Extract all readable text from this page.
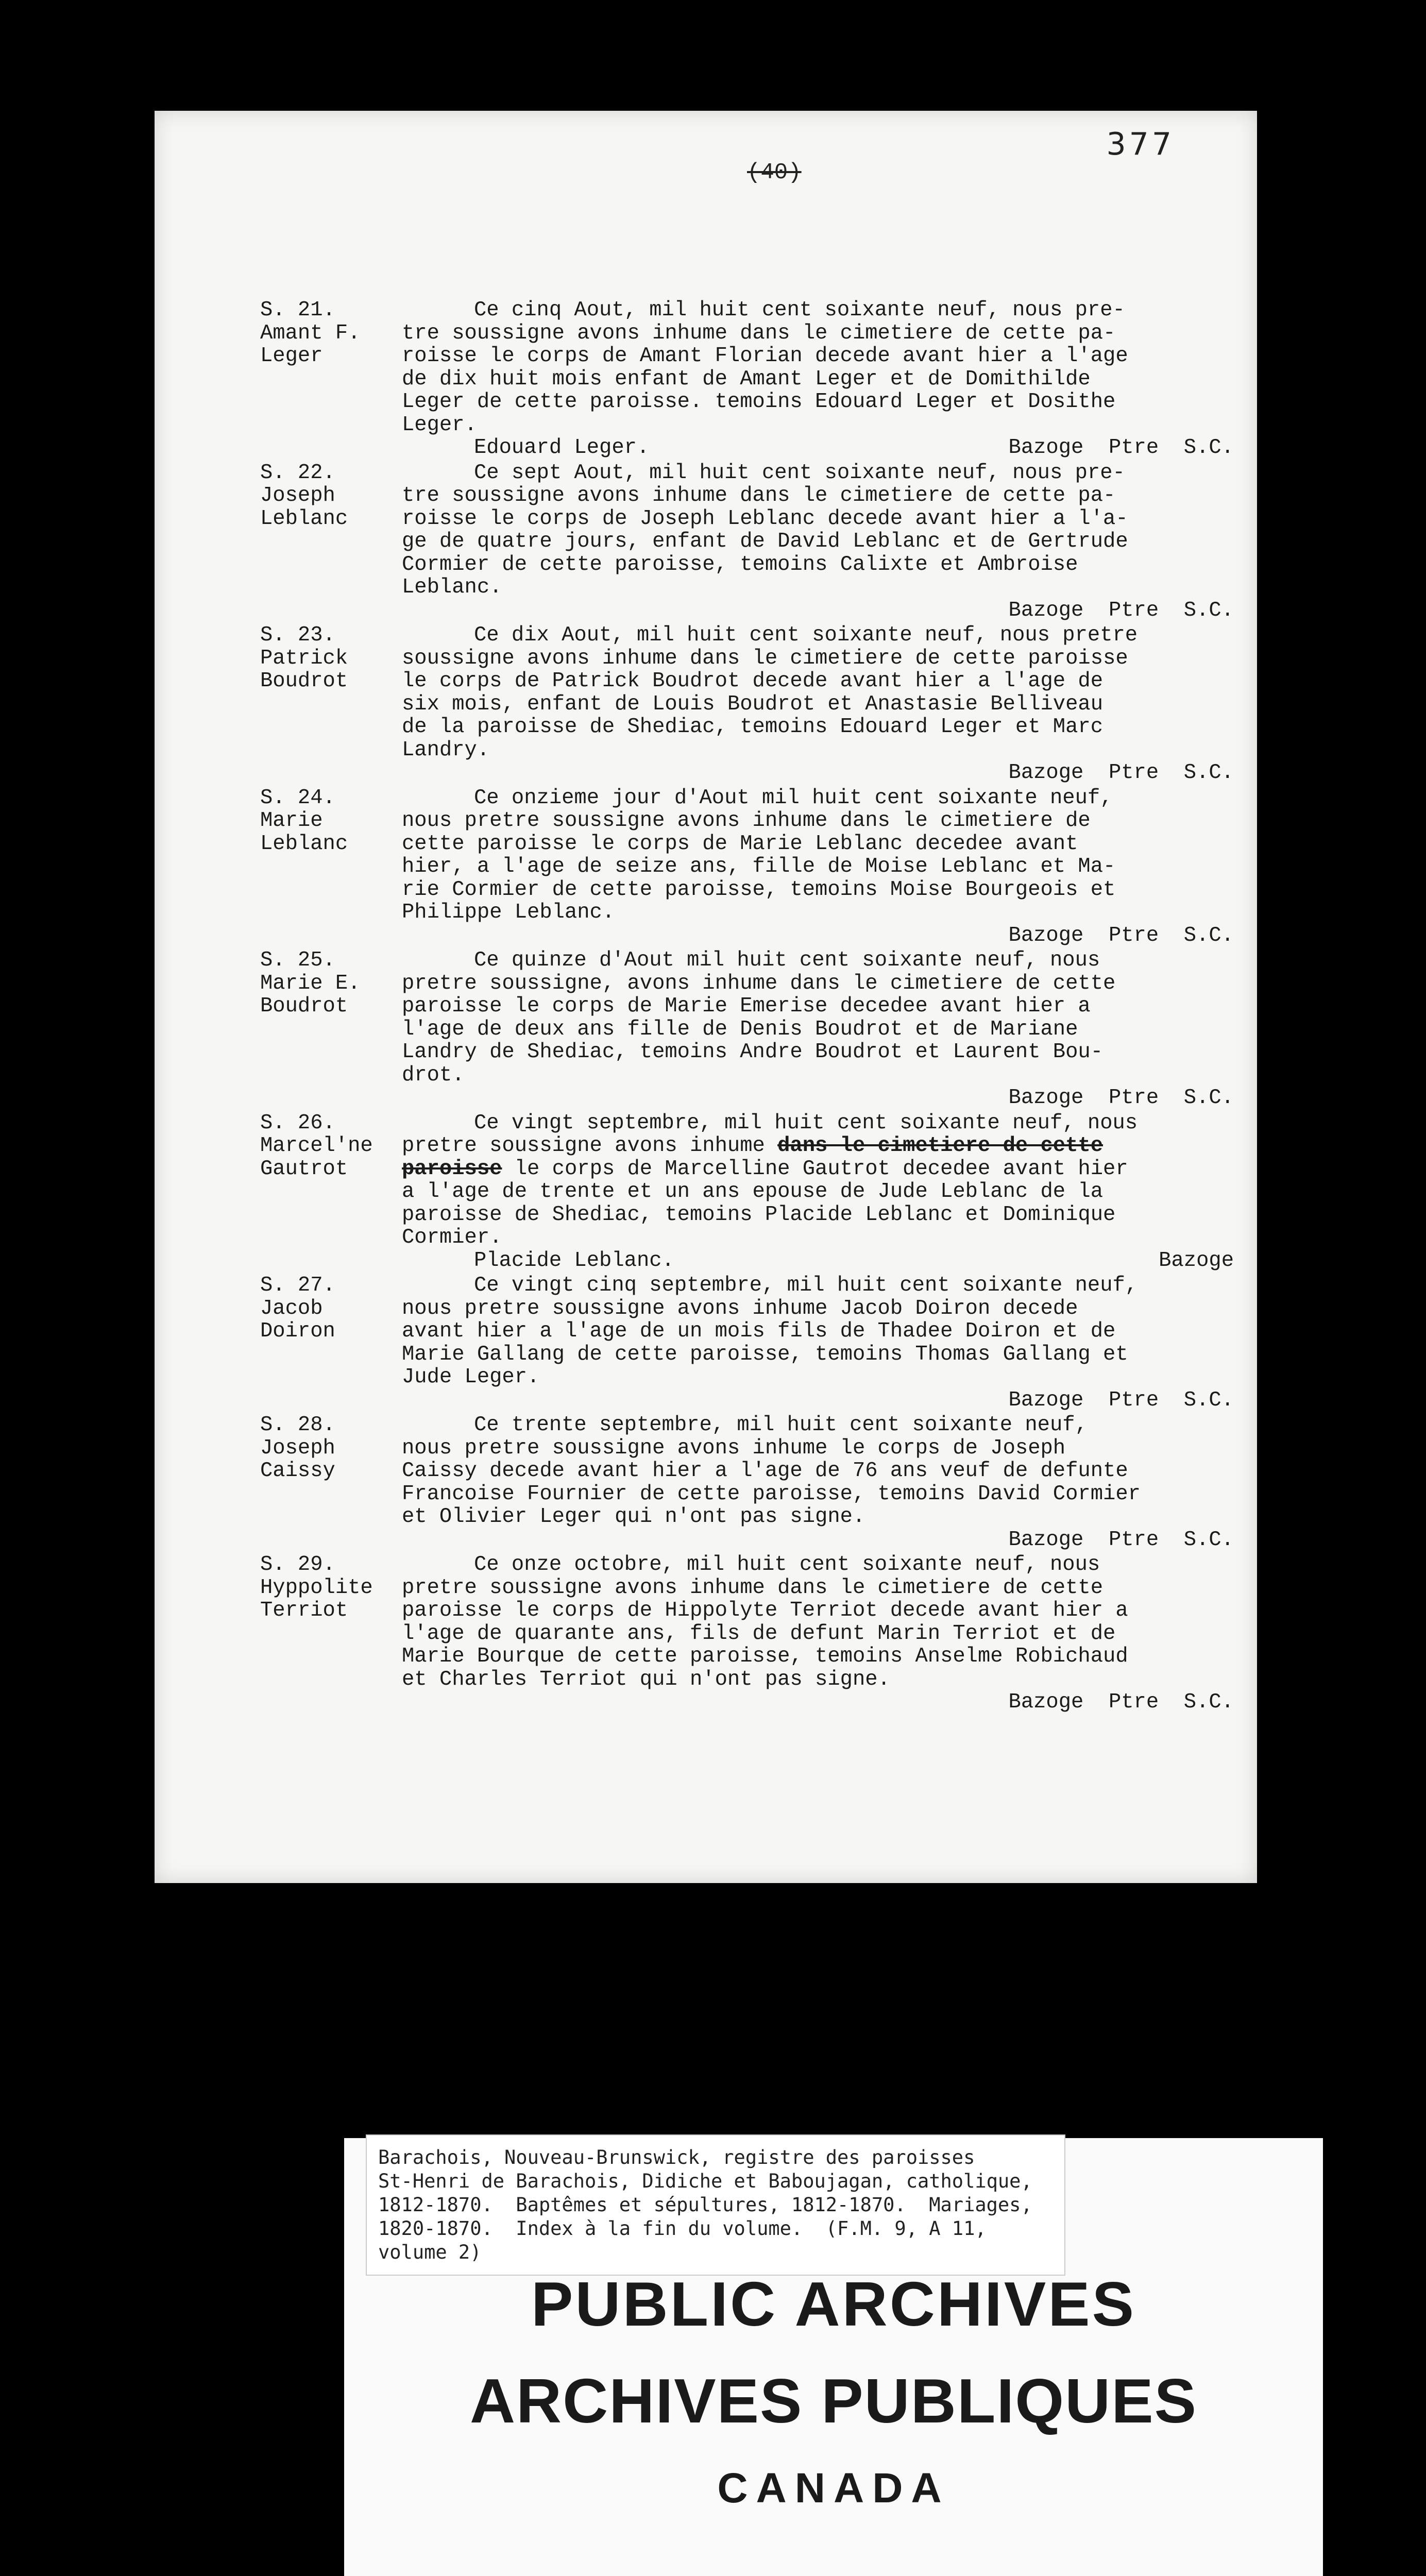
377
(40)
S. 21.
Amant F.
Leger
Ce cinq Aout, mil huit cent soixante neuf, nous pre-
tre soussigne avons inhume dans le cimetiere de cette pa-
roisse le corps de Amant Florian decede avant hier a l'age
de dix huit mois enfant de Amant Leger et de Domithilde
Leger de cette paroisse. temoins Edouard Leger et Dosithe
Leger.
Edouard Leger.	Bazoge  Ptre  S.C.
S. 22.
Joseph
Leblanc
Ce sept Aout, mil huit cent soixante neuf, nous pre-
tre soussigne avons inhume dans le cimetiere de cette pa-
roisse le corps de Joseph Leblanc decede avant hier a l'a-
ge de quatre jours, enfant de David Leblanc et de Gertrude
Cormier de cette paroisse, temoins Calixte et Ambroise
Leblanc.
Bazoge  Ptre  S.C.
S. 23.
Patrick
Boudrot
Ce dix Aout, mil huit cent soixante neuf, nous pretre
soussigne avons inhume dans le cimetiere de cette paroisse
le corps de Patrick Boudrot decede avant hier a l'age de
six mois, enfant de Louis Boudrot et Anastasie Belliveau
de la paroisse de Shediac, temoins Edouard Leger et Marc
Landry.
Bazoge  Ptre  S.C.
S. 24.
Marie
Leblanc
Ce onzieme jour d'Aout mil huit cent soixante neuf,
nous pretre soussigne avons inhume dans le cimetiere de
cette paroisse le corps de Marie Leblanc decedee avant
hier, a l'age de seize ans, fille de Moise Leblanc et Ma-
rie Cormier de cette paroisse, temoins Moise Bourgeois et
Philippe Leblanc.
Bazoge  Ptre  S.C.
S. 25.
Marie E.
Boudrot
Ce quinze d'Aout mil huit cent soixante neuf, nous
pretre soussigne, avons inhume dans le cimetiere de cette
paroisse le corps de Marie Emerise decedee avant hier a
l'age de deux ans fille de Denis Boudrot et de Mariane
Landry de Shediac, temoins Andre Boudrot et Laurent Bou-
drot.
Bazoge  Ptre  S.C.
S. 26.
Marcel'ne
Gautrot
Ce vingt septembre, mil huit cent soixante neuf, nous
pretre soussigne avons inhume dans le cimetiere de cette
paroisse le corps de Marcelline Gautrot decedee avant hier
a l'age de trente et un ans epouse de Jude Leblanc de la
paroisse de Shediac, temoins Placide Leblanc et Dominique
Cormier.
Placide Leblanc.	Bazoge
S. 27.
Jacob
Doiron
Ce vingt cinq septembre, mil huit cent soixante neuf,
nous pretre soussigne avons inhume Jacob Doiron decede
avant hier a l'age de un mois fils de Thadee Doiron et de
Marie Gallang de cette paroisse, temoins Thomas Gallang et
Jude Leger.
Bazoge  Ptre  S.C.
S. 28.
Joseph
Caissy
Ce trente septembre, mil huit cent soixante neuf,
nous pretre soussigne avons inhume le corps de Joseph
Caissy decede avant hier a l'age de 76 ans veuf de defunte
Francoise Fournier de cette paroisse, temoins David Cormier
et Olivier Leger qui n'ont pas signe.
Bazoge  Ptre  S.C.
S. 29.
Hyppolite
Terriot
Ce onze octobre, mil huit cent soixante neuf, nous
pretre soussigne avons inhume dans le cimetiere de cette
paroisse le corps de Hippolyte Terriot decede avant hier a
l'age de quarante ans, fils de defunt Marin Terriot et de
Marie Bourque de cette paroisse, temoins Anselme Robichaud
et Charles Terriot qui n'ont pas signe.
Bazoge  Ptre  S.C.
Barachois, Nouveau-Brunswick, registre des paroisses
St-Henri de Barachois, Didiche et Baboujagan, catholique,
1812-1870.  Baptêmes et sépultures, 1812-1870.  Mariages,
1820-1870.  Index à la fin du volume.  (F.M. 9, A 11,
volume 2)
PUBLIC ARCHIVES
ARCHIVES PUBLIQUES
CANADA
